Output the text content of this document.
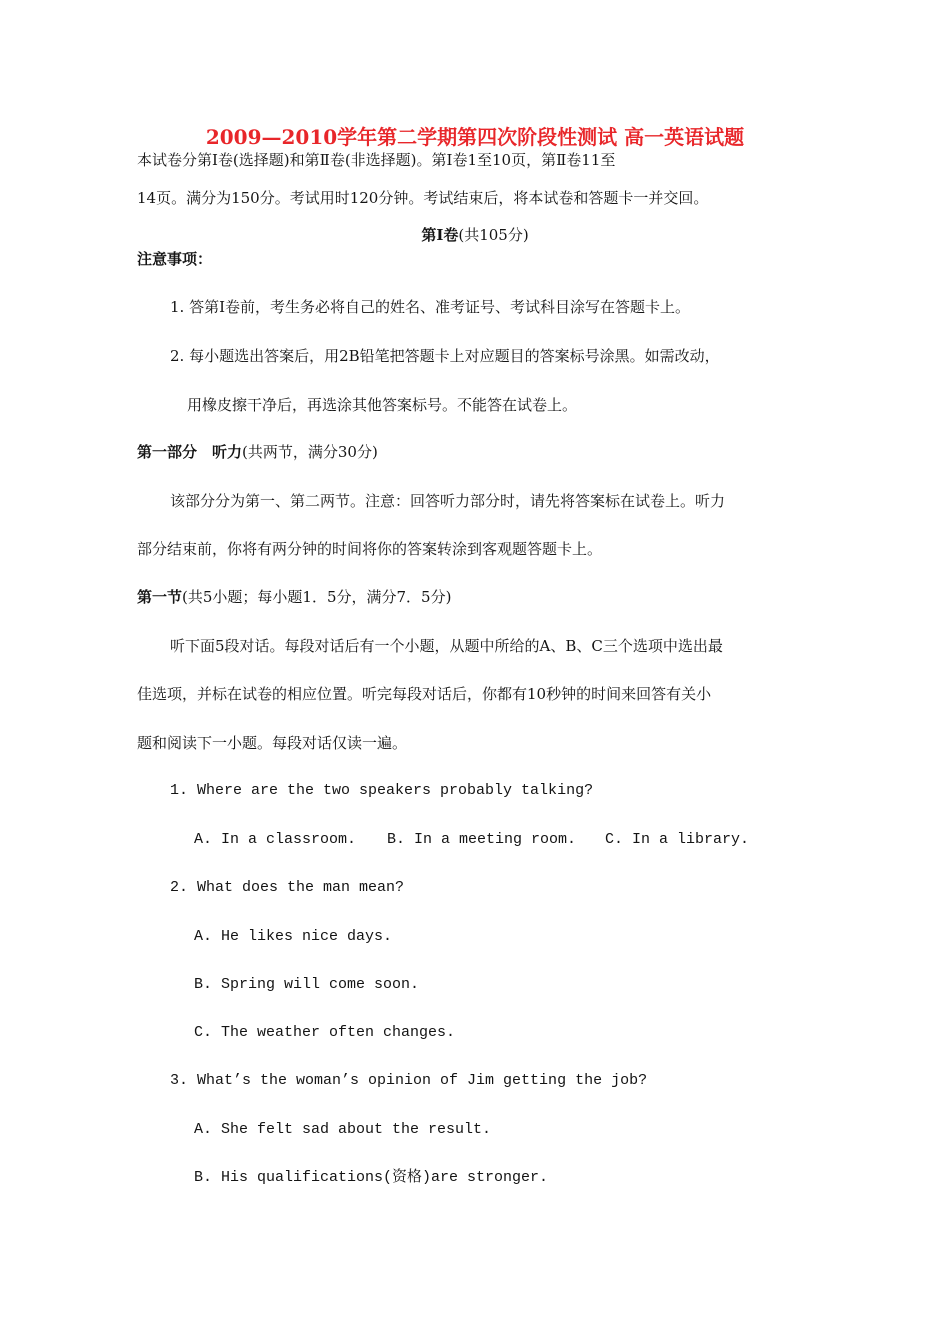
2009—2010学年第二学期第四次阶段性测试 高一英语试题
本试卷分第Ⅰ卷(选择题)和第Ⅱ卷(非选择题)。第Ⅰ卷1至10页，第Ⅱ卷11至
14页。满分为150分。考试用时120分钟。考试结束后，将本试卷和答题卡一并交回。
第Ⅰ卷(共105分)
注意事项：
1. 答第Ⅰ卷前，考生务必将自己的姓名、准考证号、考试科目涂写在答题卡上。
2. 每小题选出答案后，用2B铅笔把答题卡上对应题目的答案标号涂黑。如需改动，
用橡皮擦干净后，再选涂其他答案标号。不能答在试卷上。
第一部分　听力(共两节，满分30分)
该部分分为第一、第二两节。注意：回答听力部分时，请先将答案标在试卷上。听力
部分结束前，你将有两分钟的时间将你的答案转涂到客观题答题卡上。
第一节(共5小题；每小题1．5分，满分7．5分)
听下面5段对话。每段对话后有一个小题，从题中所给的A、B、C三个选项中选出最
佳选项，并标在试卷的相应位置。听完每段对话后，你都有10秒钟的时间来回答有关小
题和阅读下一小题。每段对话仅读一遍。
1. Where are the two speakers probably talking?
A. In a classroom. B. In a meeting room. C. In a library.
2. What does the man mean?
A. He likes nice days.
B. Spring will come soon.
C. The weather often changes.
3. What’s the woman’s opinion of Jim getting the job?
A. She felt sad about the result.
B. His qualifications(资格)are stronger.
